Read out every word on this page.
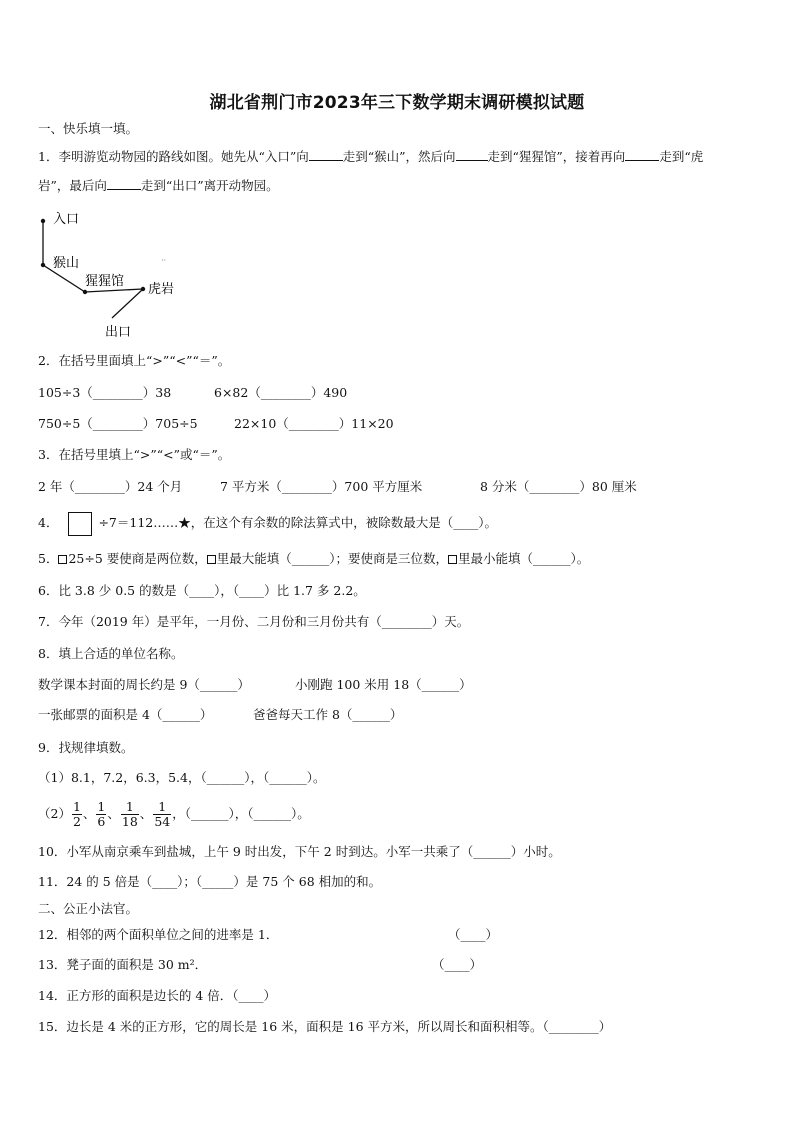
湖北省荆门市2023年三下数学期末调研模拟试题
一、快乐填一填。
1．李明游览动物园的路线如图。她先从“入口”向	走到“猴山”，然后向	走到“猩猩馆”，接着再向	走到“虎
岩”，最后向	走到“出口”离开动物园。
入口
猴山
猩猩馆
虎岩
出口
··
2．在括号里面填上“>”“<”“＝”。
105÷3（________）38	6×82（________）490
750÷5（________）705÷5	22×10（________）11×20
3．在括号里填上“>”“<”或“＝”。
2 年（________）24 个月	7 平方米（________）700 平方厘米	8 分米（________）80 厘米
4．	÷7＝112……★，在这个有余数的除法算式中，被除数最大是（____）。
5． 25÷5 要使商是两位数， 里最大能填（______）；要使商是三位数， 里最小能填（______）。
6．比 3.8 少 0.5 的数是（____），（____）比 1.7 多 2.2。
7．今年（2019 年）是平年，一月份、二月份和三月份共有（________）天。
8．填上合适的单位名称。
数学课本封面的周长约是 9（______）	小刚跑 100 米用 18（______）
一张邮票的面积是 4（______）	爸爸每天工作 8（______）
9．找规律填数。
（1）8.1，7.2，6.3，5.4，（______），（______）。
$(2) \frac{1}{2}$ 、 $\frac{1}{6}$ 、 $\frac{1}{18}$ 、 $\frac{1}{54}$ ，（______），（______）。
10．小军从南京乘车到盐城，上午 9 时出发，下午 2 时到达。小军一共乘了（______）小时。
11．24 的 5 倍是（____）；（_____）是 75 个 68 相加的和。
二、公正小法官。
12．相邻的两个面积单位之间的进率是 1．	（____）
13．凳子面的面积是 30 m²．	（____）
14．正方形的面积是边长的 4 倍．（____）
15．边长是 4 米的正方形，它的周长是 16 米，面积是 16 平方米，所以周长和面积相等。（________）
